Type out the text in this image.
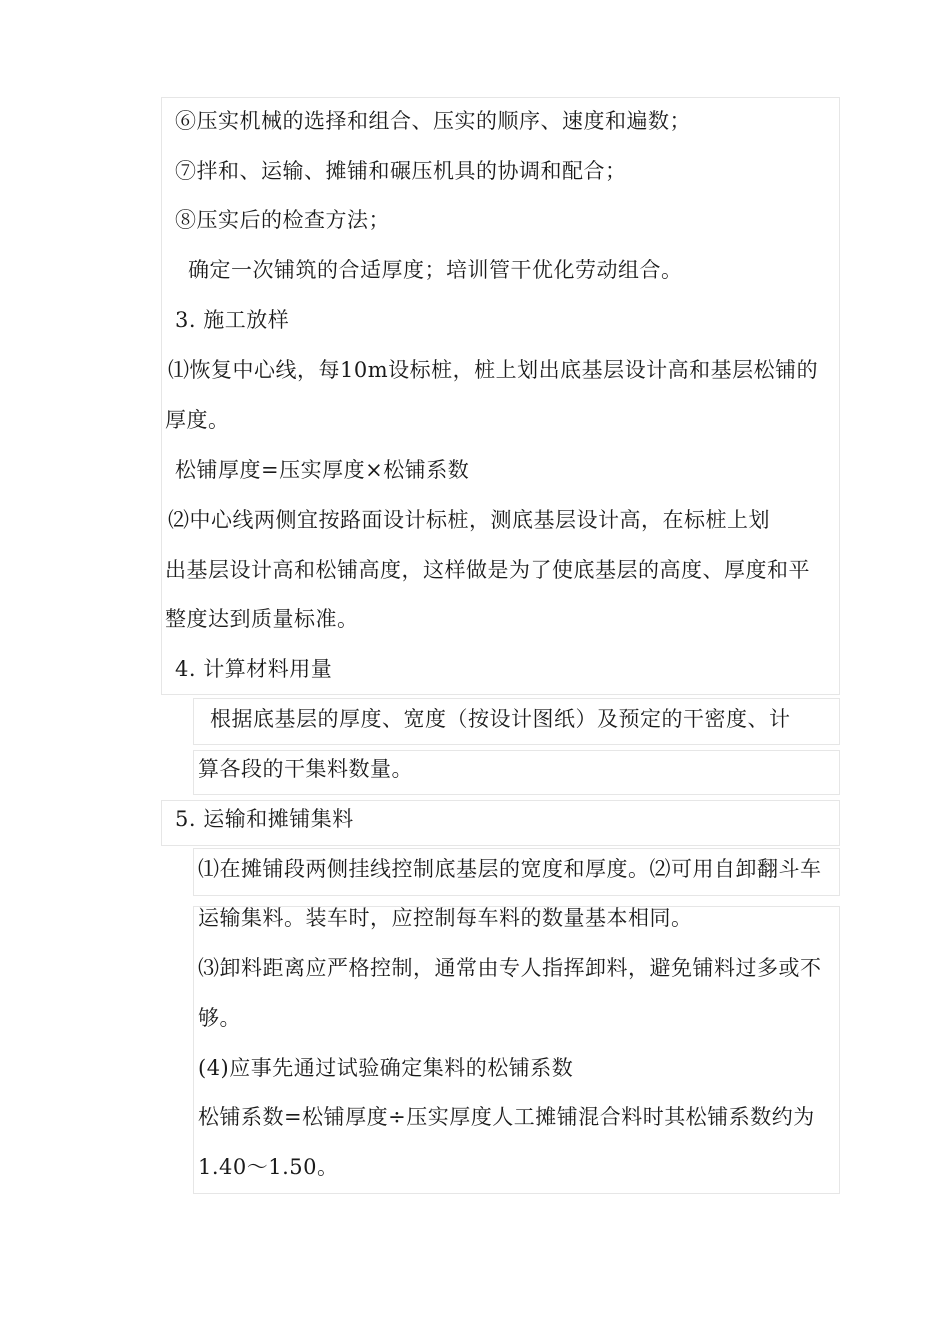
⑥压实机械的选择和组合、压实的顺序、速度和遍数；
⑦拌和、运输、摊铺和碾压机具的协调和配合；
⑧压实后的检查方法；
确定一次铺筑的合适厚度；培训管干优化劳动组合。
3. 施工放样
⑴恢复中心线，每10m设标桩，桩上划出底基层设计高和基层松铺的
厚度。
松铺厚度=压实厚度×松铺系数
⑵中心线两侧宜按路面设计标桩，测底基层设计高，在标桩上划
出基层设计高和松铺高度，这样做是为了使底基层的高度、厚度和平
整度达到质量标准。
4. 计算材料用量
根据底基层的厚度、宽度（按设计图纸）及预定的干密度、计
算各段的干集料数量。
5. 运输和摊铺集料
⑴在摊铺段两侧挂线控制底基层的宽度和厚度。⑵可用自卸翻斗车
运输集料。装车时，应控制每车料的数量基本相同。
⑶卸料距离应严格控制，通常由专人指挥卸料，避免铺料过多或不
够。
(4)应事先通过试验确定集料的松铺系数
松铺系数=松铺厚度÷压实厚度人工摊铺混合料时其松铺系数约为
1.40～1.50。
